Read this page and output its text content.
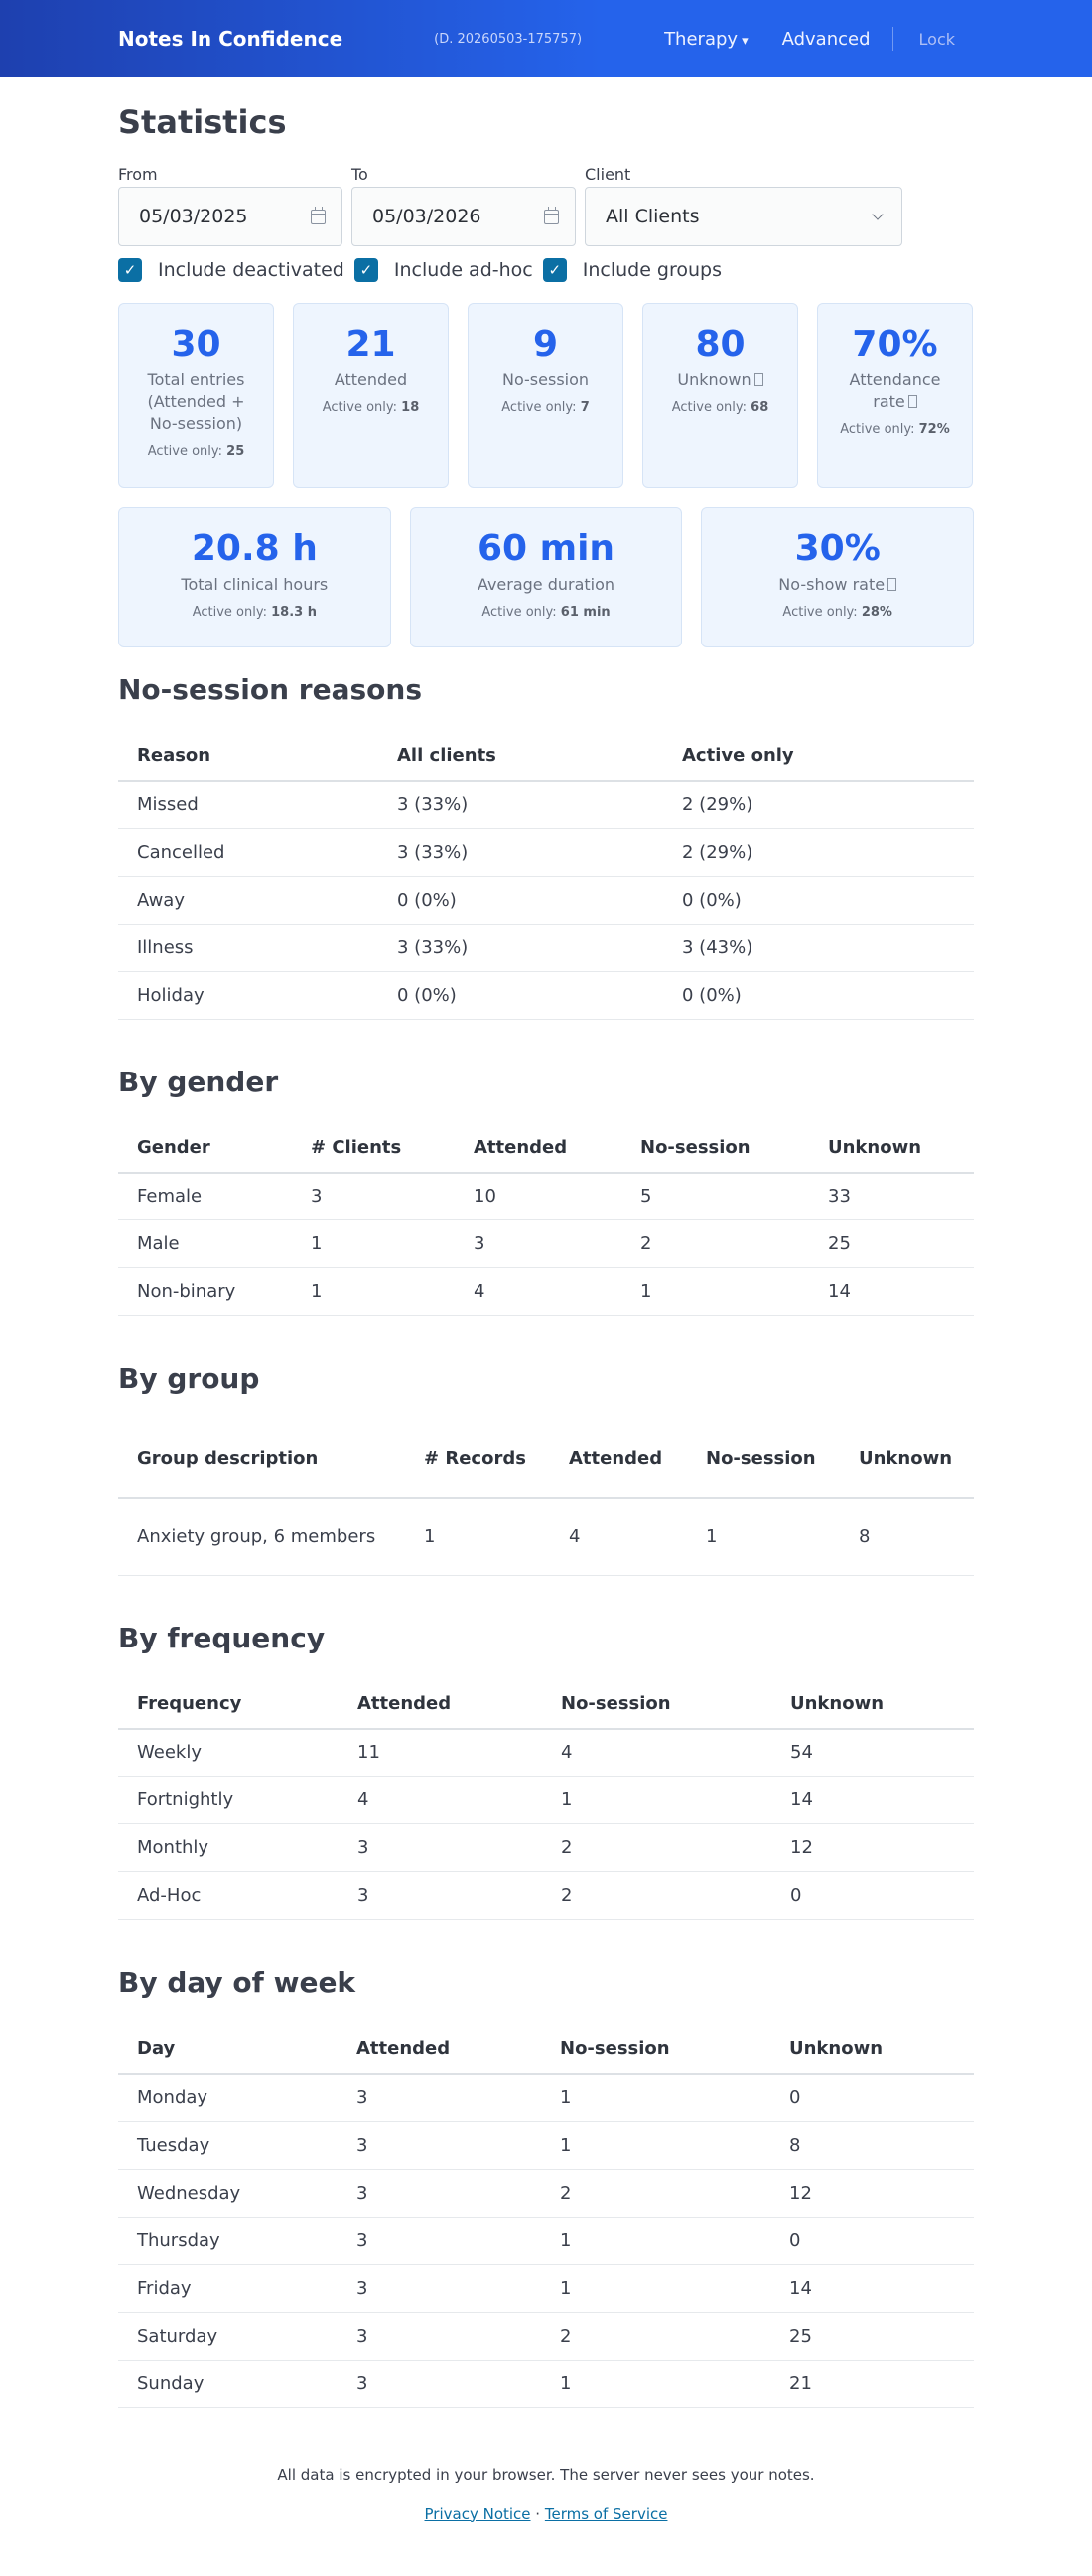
Notes In Confidence	(D. 20260503-175757)	Therapy ▾ Advanced	Lock
Statistics
From
05/03/2025
To
05/03/2026
Client
All Clients
✓	Include deactivated	✓	Include ad-hoc	✓	Include groups
30
Total entries (Attended + No-session)
Active only: 25
21
Attended
Active only: 18
9
No-session
Active only: 7
80
Unknown
Active only: 68
70%
Attendance rate
Active only: 72%
20.8 h
Total clinical hours
Active only: 18.3 h
60 min
Average duration
Active only: 61 min
30%
No-show rate
Active only: 28%
No-session reasons
Reason	All clients	Active only
Missed	3 (33%)	2 (29%)
Cancelled	3 (33%)	2 (29%)
Away	0 (0%)	0 (0%)
Illness	3 (33%)	3 (43%)
Holiday	0 (0%)	0 (0%)
By gender
Gender	# Clients	Attended	No-session	Unknown
Female	3	10	5	33
Male	1	3	2	25
Non-binary	1	4	1	14
By group
Group description	# Records	Attended	No-session	Unknown
Anxiety group, 6 members	1	4	1	8
By frequency
Frequency	Attended	No-session	Unknown
Weekly	11	4	54
Fortnightly	4	1	14
Monthly	3	2	12
Ad-Hoc	3	2	0
By day of week
Day	Attended	No-session	Unknown
Monday	3	1	0
Tuesday	3	1	8
Wednesday	3	2	12
Thursday	3	1	0
Friday	3	1	14
Saturday	3	2	25
Sunday	3	1	21
All data is encrypted in your browser. The server never sees your notes.
Privacy Notice · Terms of Service
